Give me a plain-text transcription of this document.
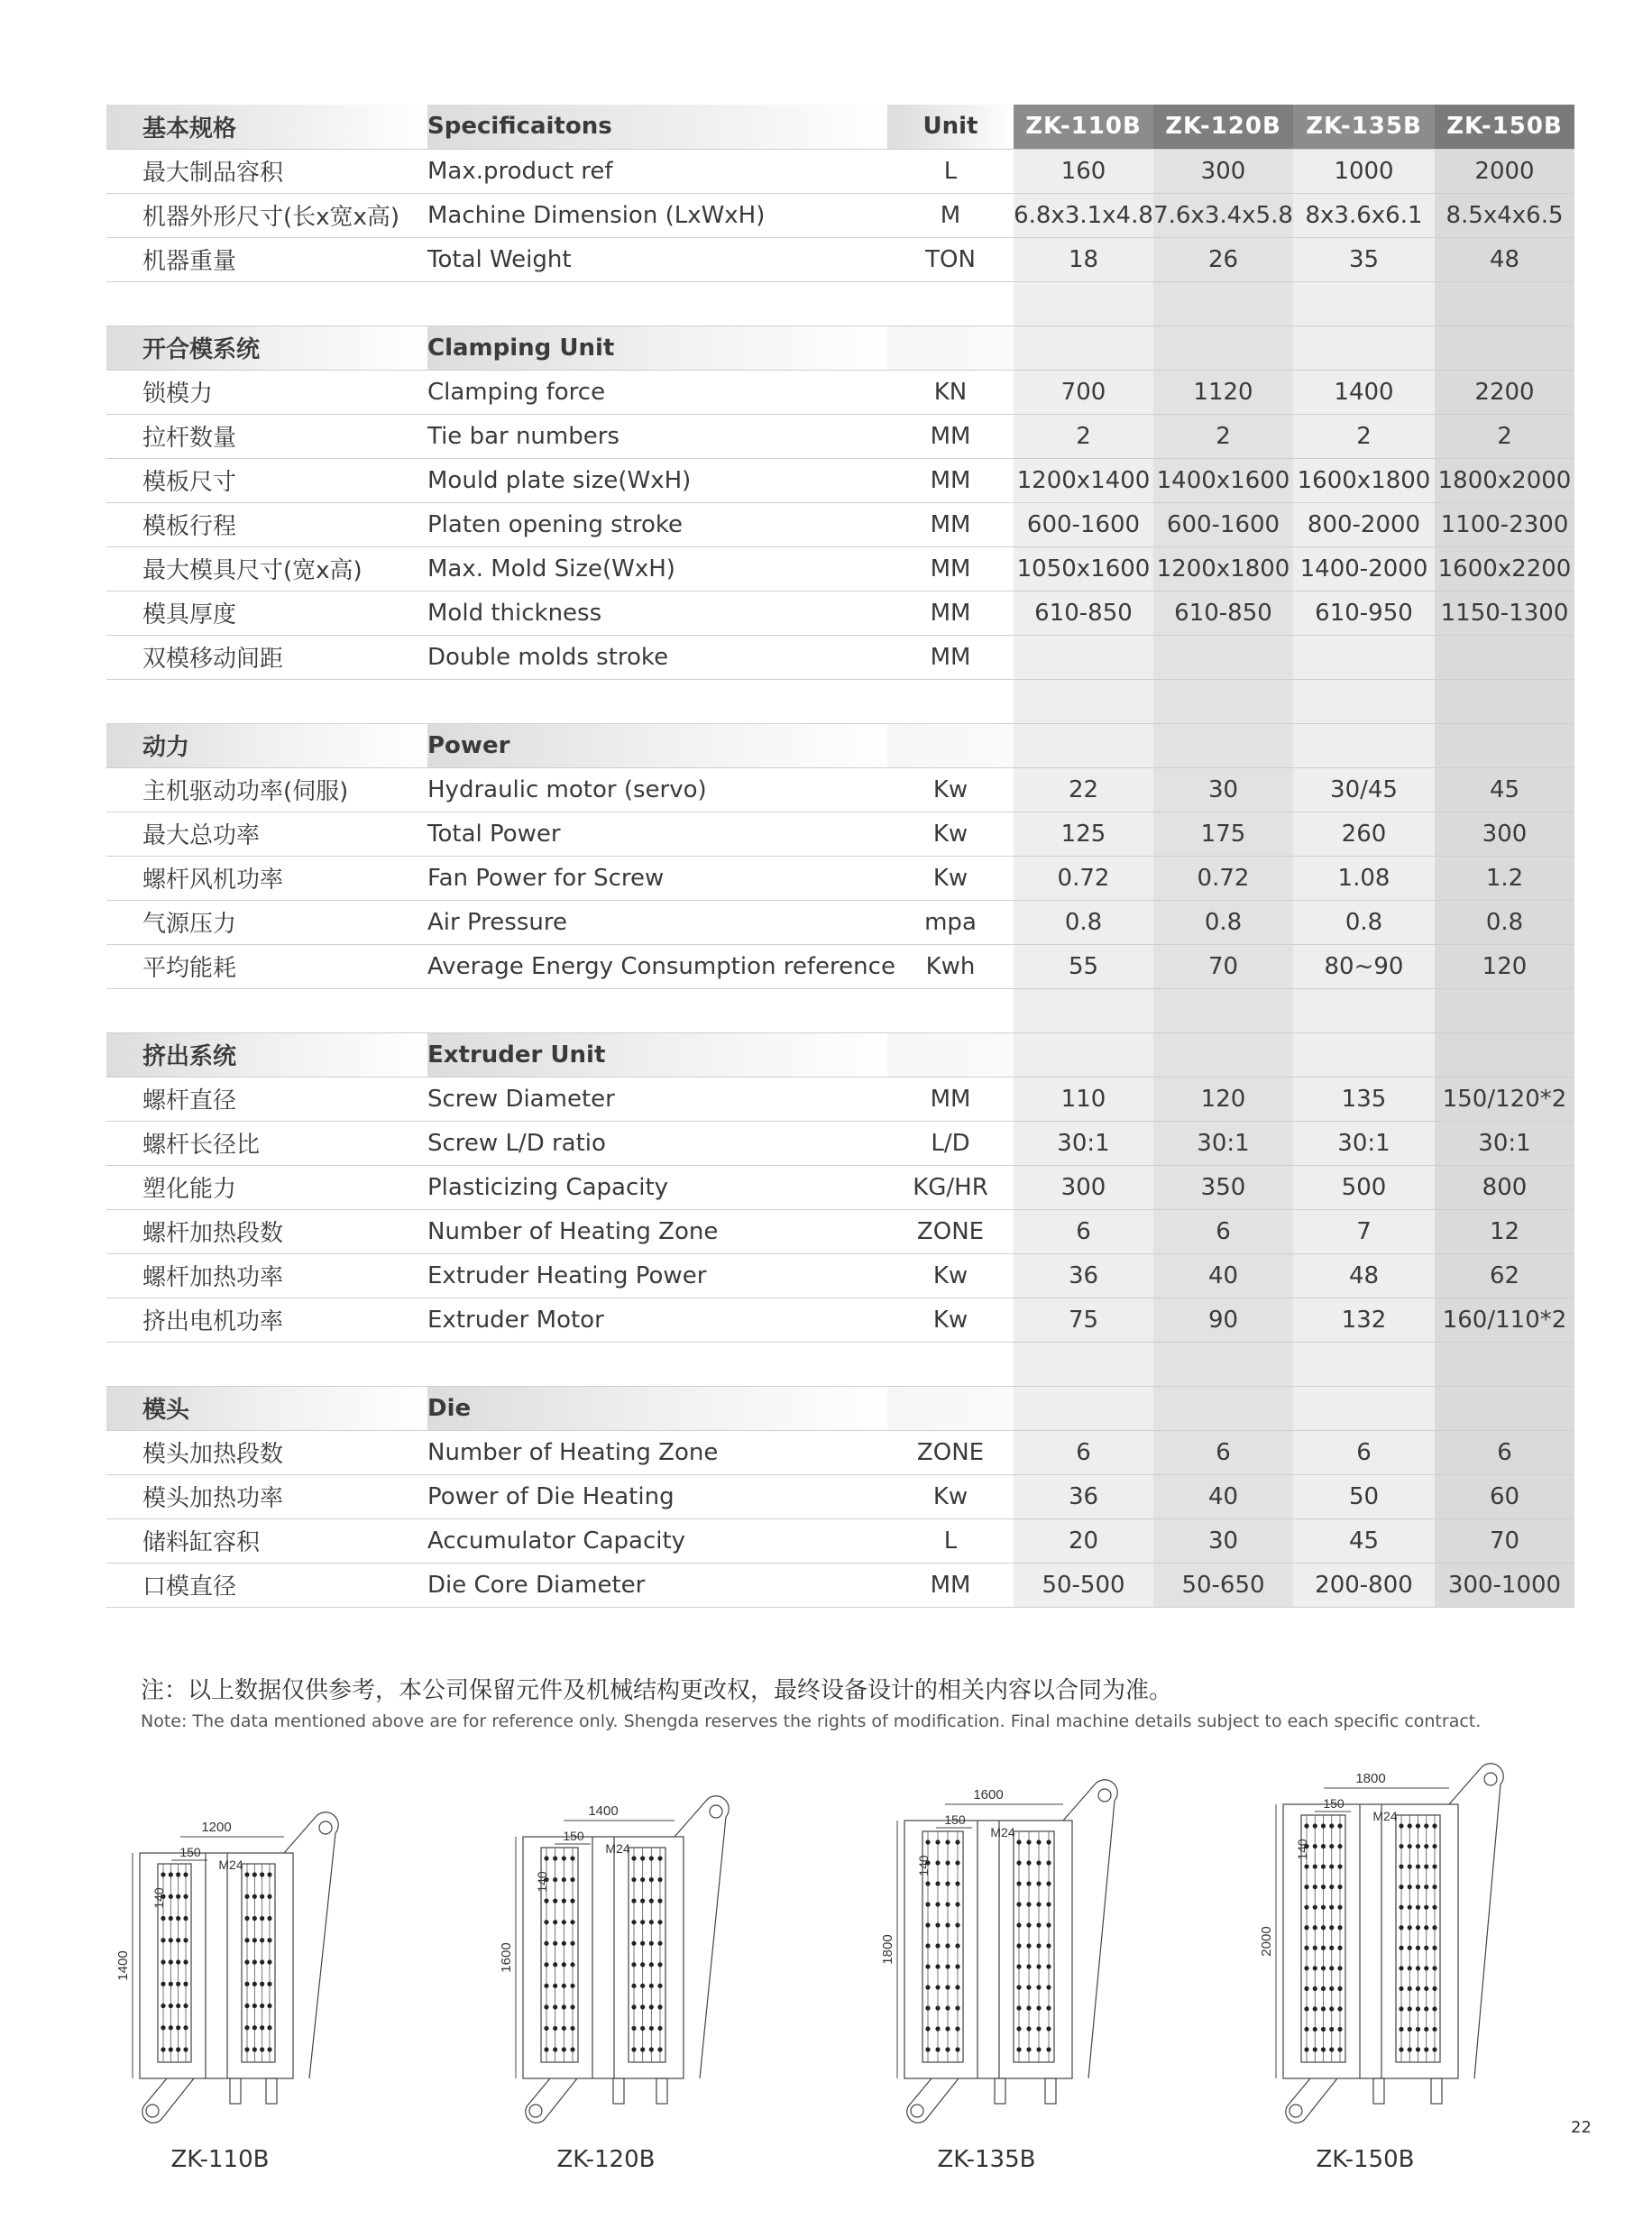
基本规格	Specificaitons	Unit	ZK-110B	ZK-120B	ZK-135B	ZK-150B
最大制品容积	Max.product ref	L	160	300	1000	2000
机器外形尺寸(长x宽x高)	Machine Dimension (LxWxH)	M	6.8x3.1x4.8	7.6x3.4x5.8	8x3.6x6.1	8.5x4x6.5
机器重量	Total Weight	TON	18	26	35	48

开合模系统	Clamping Unit					
锁模力	Clamping force	KN	700	1120	1400	2200
拉杆数量	Tie bar numbers	MM	2	2	2	2
模板尺寸	Mould plate size(WxH)	MM	1200x1400	1400x1600	1600x1800	1800x2000
模板行程	Platen opening stroke	MM	600-1600	600-1600	800-2000	1100-2300
最大模具尺寸(宽x高)	Max. Mold Size(WxH)	MM	1050x1600	1200x1800	1400-2000	1600x2200
模具厚度	Mold thickness	MM	610-850	610-850	610-950	1150-1300
双模移动间距	Double molds stroke	MM				

动力	Power					
主机驱动功率(伺服)	Hydraulic motor (servo)	Kw	22	30	30/45	45
最大总功率	Total Power	Kw	125	175	260	300
螺杆风机功率	Fan Power for Screw	Kw	0.72	0.72	1.08	1.2
气源压力	Air Pressure	mpa	0.8	0.8	0.8	0.8
平均能耗	Average Energy Consumption reference	Kwh	55	70	80~90	120

挤出系统	Extruder Unit					
螺杆直径	Screw Diameter	MM	110	120	135	150/120*2
螺杆长径比	Screw L/D ratio	L/D	30:1	30:1	30:1	30:1
塑化能力	Plasticizing Capacity	KG/HR	300	350	500	800
螺杆加热段数	Number of Heating Zone	ZONE	6	6	7	12
螺杆加热功率	Extruder Heating Power	Kw	36	40	48	62
挤出电机功率	Extruder Motor	Kw	75	90	132	160/110*2

模头	Die					
模头加热段数	Number of Heating Zone	ZONE	6	6	6	6
模头加热功率	Power of Die Heating	Kw	36	40	50	60
储料缸容积	Accumulator Capacity	L	20	30	45	70
口模直径	Die Core Diameter	MM	50-500	50-650	200-800	300-1000
注：以上数据仅供参考，本公司保留元件及机械结构更改权，最终设备设计的相关内容以合同为准。
Note: The data mentioned above are for reference only. Shengda reserves the rights of modification. Final machine details subject to each specific contract.
1200
1400
150
140
M24
1400
1600
150
140
M24
1600
1800
150
140
M24
1800
2000
150
140
M24
22
ZK-110B	ZK-120B	ZK-135B	ZK-150B
